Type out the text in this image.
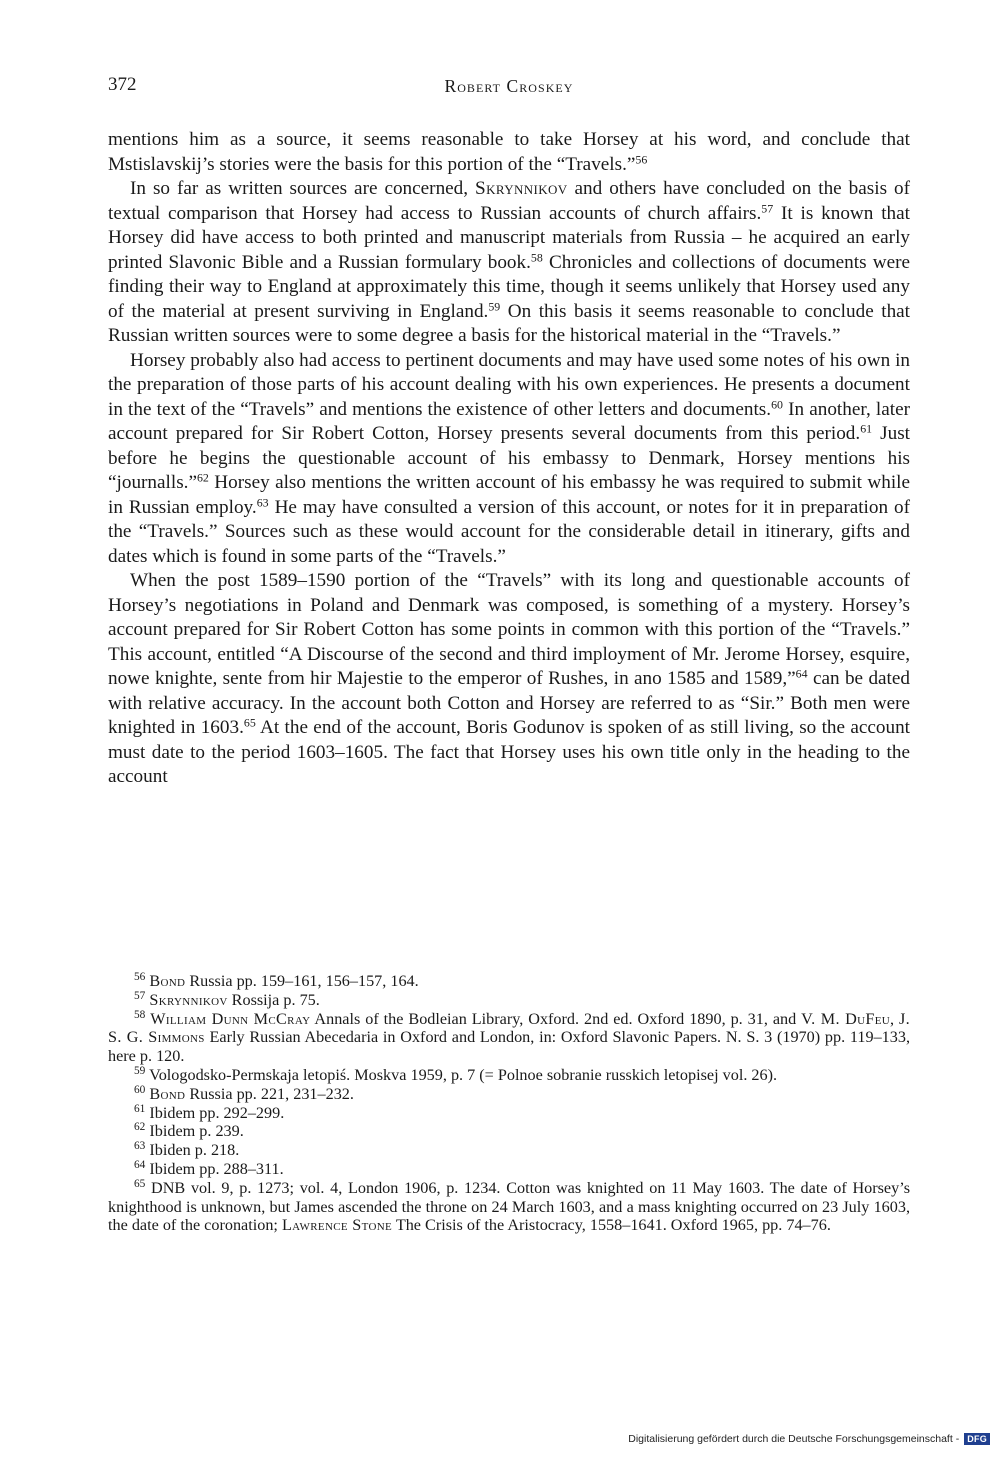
372	Robert Croskey

mentions him as a source, it seems reasonable to take Horsey at his word, and conclude that Mstislavskij’s stories were the basis for this portion of the “Travels.”$^{56}$

In so far as written sources are concerned, Skrynnikov and others have concluded on the basis of textual comparison that Horsey had access to Russian accounts of church affairs.$^{57}$ It is known that Horsey did have access to both printed and manuscript materials from Russia – he acquired an early printed Slavonic Bible and a Russian formulary book.$^{58}$ Chronicles and collections of documents were finding their way to England at approximately this time, though it seems unlikely that Horsey used any of the material at present surviving in England.$^{59}$ On this basis it seems reasonable to conclude that Russian written sources were to some degree a basis for the historical material in the “Travels.”

Horsey probably also had access to pertinent documents and may have used some notes of his own in the preparation of those parts of his account dealing with his own experiences. He presents a document in the text of the “Travels” and mentions the existence of other letters and documents.$^{60}$ In another, later account prepared for Sir Robert Cotton, Horsey presents several documents from this period.$^{61}$ Just before he begins the questionable account of his embassy to Denmark, Horsey mentions his “journalls.”$^{62}$ Horsey also mentions the written account of his embassy he was required to submit while in Russian employ.$^{63}$ He may have consulted a version of this account, or notes for it in preparation of the “Travels.” Sources such as these would account for the considerable detail in itinerary, gifts and dates which is found in some parts of the “Travels.”

When the post 1589–1590 portion of the “Travels” with its long and questionable accounts of Horsey’s negotiations in Poland and Denmark was composed, is something of a mystery. Horsey’s account prepared for Sir Robert Cotton has some points in common with this portion of the “Travels.” This account, entitled “A Discourse of the second and third imployment of Mr. Jerome Horsey, esquire, nowe knighte, sente from hir Majestie to the emperor of Rushes, in ano 1585 and 1589,”$^{64}$ can be dated with relative accuracy. In the account both Cotton and Horsey are referred to as “Sir.” Both men were knighted in 1603.65 At the end of the account, Boris Godunov is spoken of as still living, so the account must date to the period 1603–1605. The fact that Horsey uses his own title only in the heading to the account

$^{56}$ Bond Russia pp. 159–161, 156–157, 164.

$^{57}$ Skrynnikov Rossija p. 75.

$^{58}$ William Dunn McCray Annals of the Bodleian Library, Oxford. 2nd ed. Oxford 1890, p. 31, and V. M. DuFeu, J. S. G. Simmons Early Russian Abecedaria in Oxford and London, in: Oxford Slavonic Papers. N. S. 3 (1970) pp. 119–133, here p. 120.

$^{59}$ Vologodsko-Permskaja letopiś. Moskva 1959, p. 7 (= Polnoe sobranie russkich letopisej vol. 26).

$^{60}$ Bond Russia pp. 221, 231–232.

$^{61}$ Ibidem pp. 292–299.

$^{62}$ Ibidem p. 239.

$^{63}$ Ibiden p. 218.

$^{64}$ Ibidem pp. 288–311.

$^{65}$ DNB vol. 9, p. 1273; vol. 4, London 1906, p. 1234. Cotton was knighted on 11 May 1603. The date of Horsey’s knighthood is unknown, but James ascended the throne on 24 March 1603, and a mass knighting occurred on 23 July 1603, the date of the coronation; Lawrence Stone The Crisis of the Aristocracy, 1558–1641. Oxford 1965, pp. 74–76.

Digitalisierung gefördert durch die Deutsche Forschungsgemeinschaft - DFG
